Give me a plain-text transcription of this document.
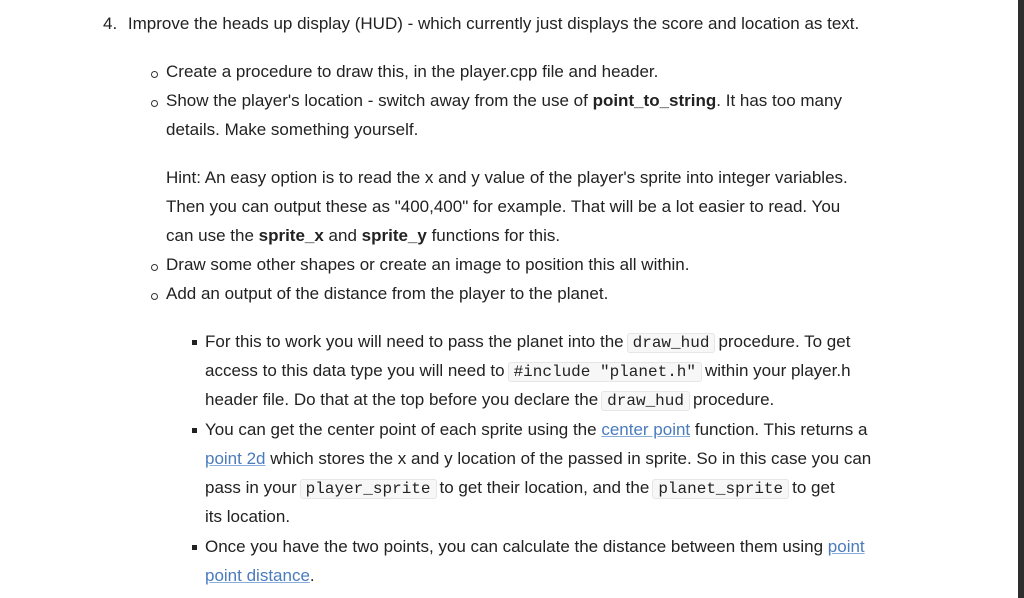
4. Improve the heads up display (HUD) - which currently just displays the score and location as text.
Create a procedure to draw this, in the player.cpp file and header.
Show the player's location - switch away from the use of point_to_string. It has too many
details. Make something yourself.
Hint: An easy option is to read the x and y value of the player's sprite into integer variables.
Then you can output these as "400,400" for example. That will be a lot easier to read. You
can use the sprite_x and sprite_y functions for this.
Draw some other shapes or create an image to position this all within.
Add an output of the distance from the player to the planet.
For this to work you will need to pass the planet into the draw_hud procedure. To get
access to this data type you will need to #include "planet.h" within your player.h
header file. Do that at the top before you declare the draw_hud procedure.
You can get the center point of each sprite using the center point function. This returns a
point 2d which stores the x and y location of the passed in sprite. So in this case you can
pass in your player_sprite to get their location, and the planet_sprite to get
its location.
Once you have the two points, you can calculate the distance between them using point
point distance.
